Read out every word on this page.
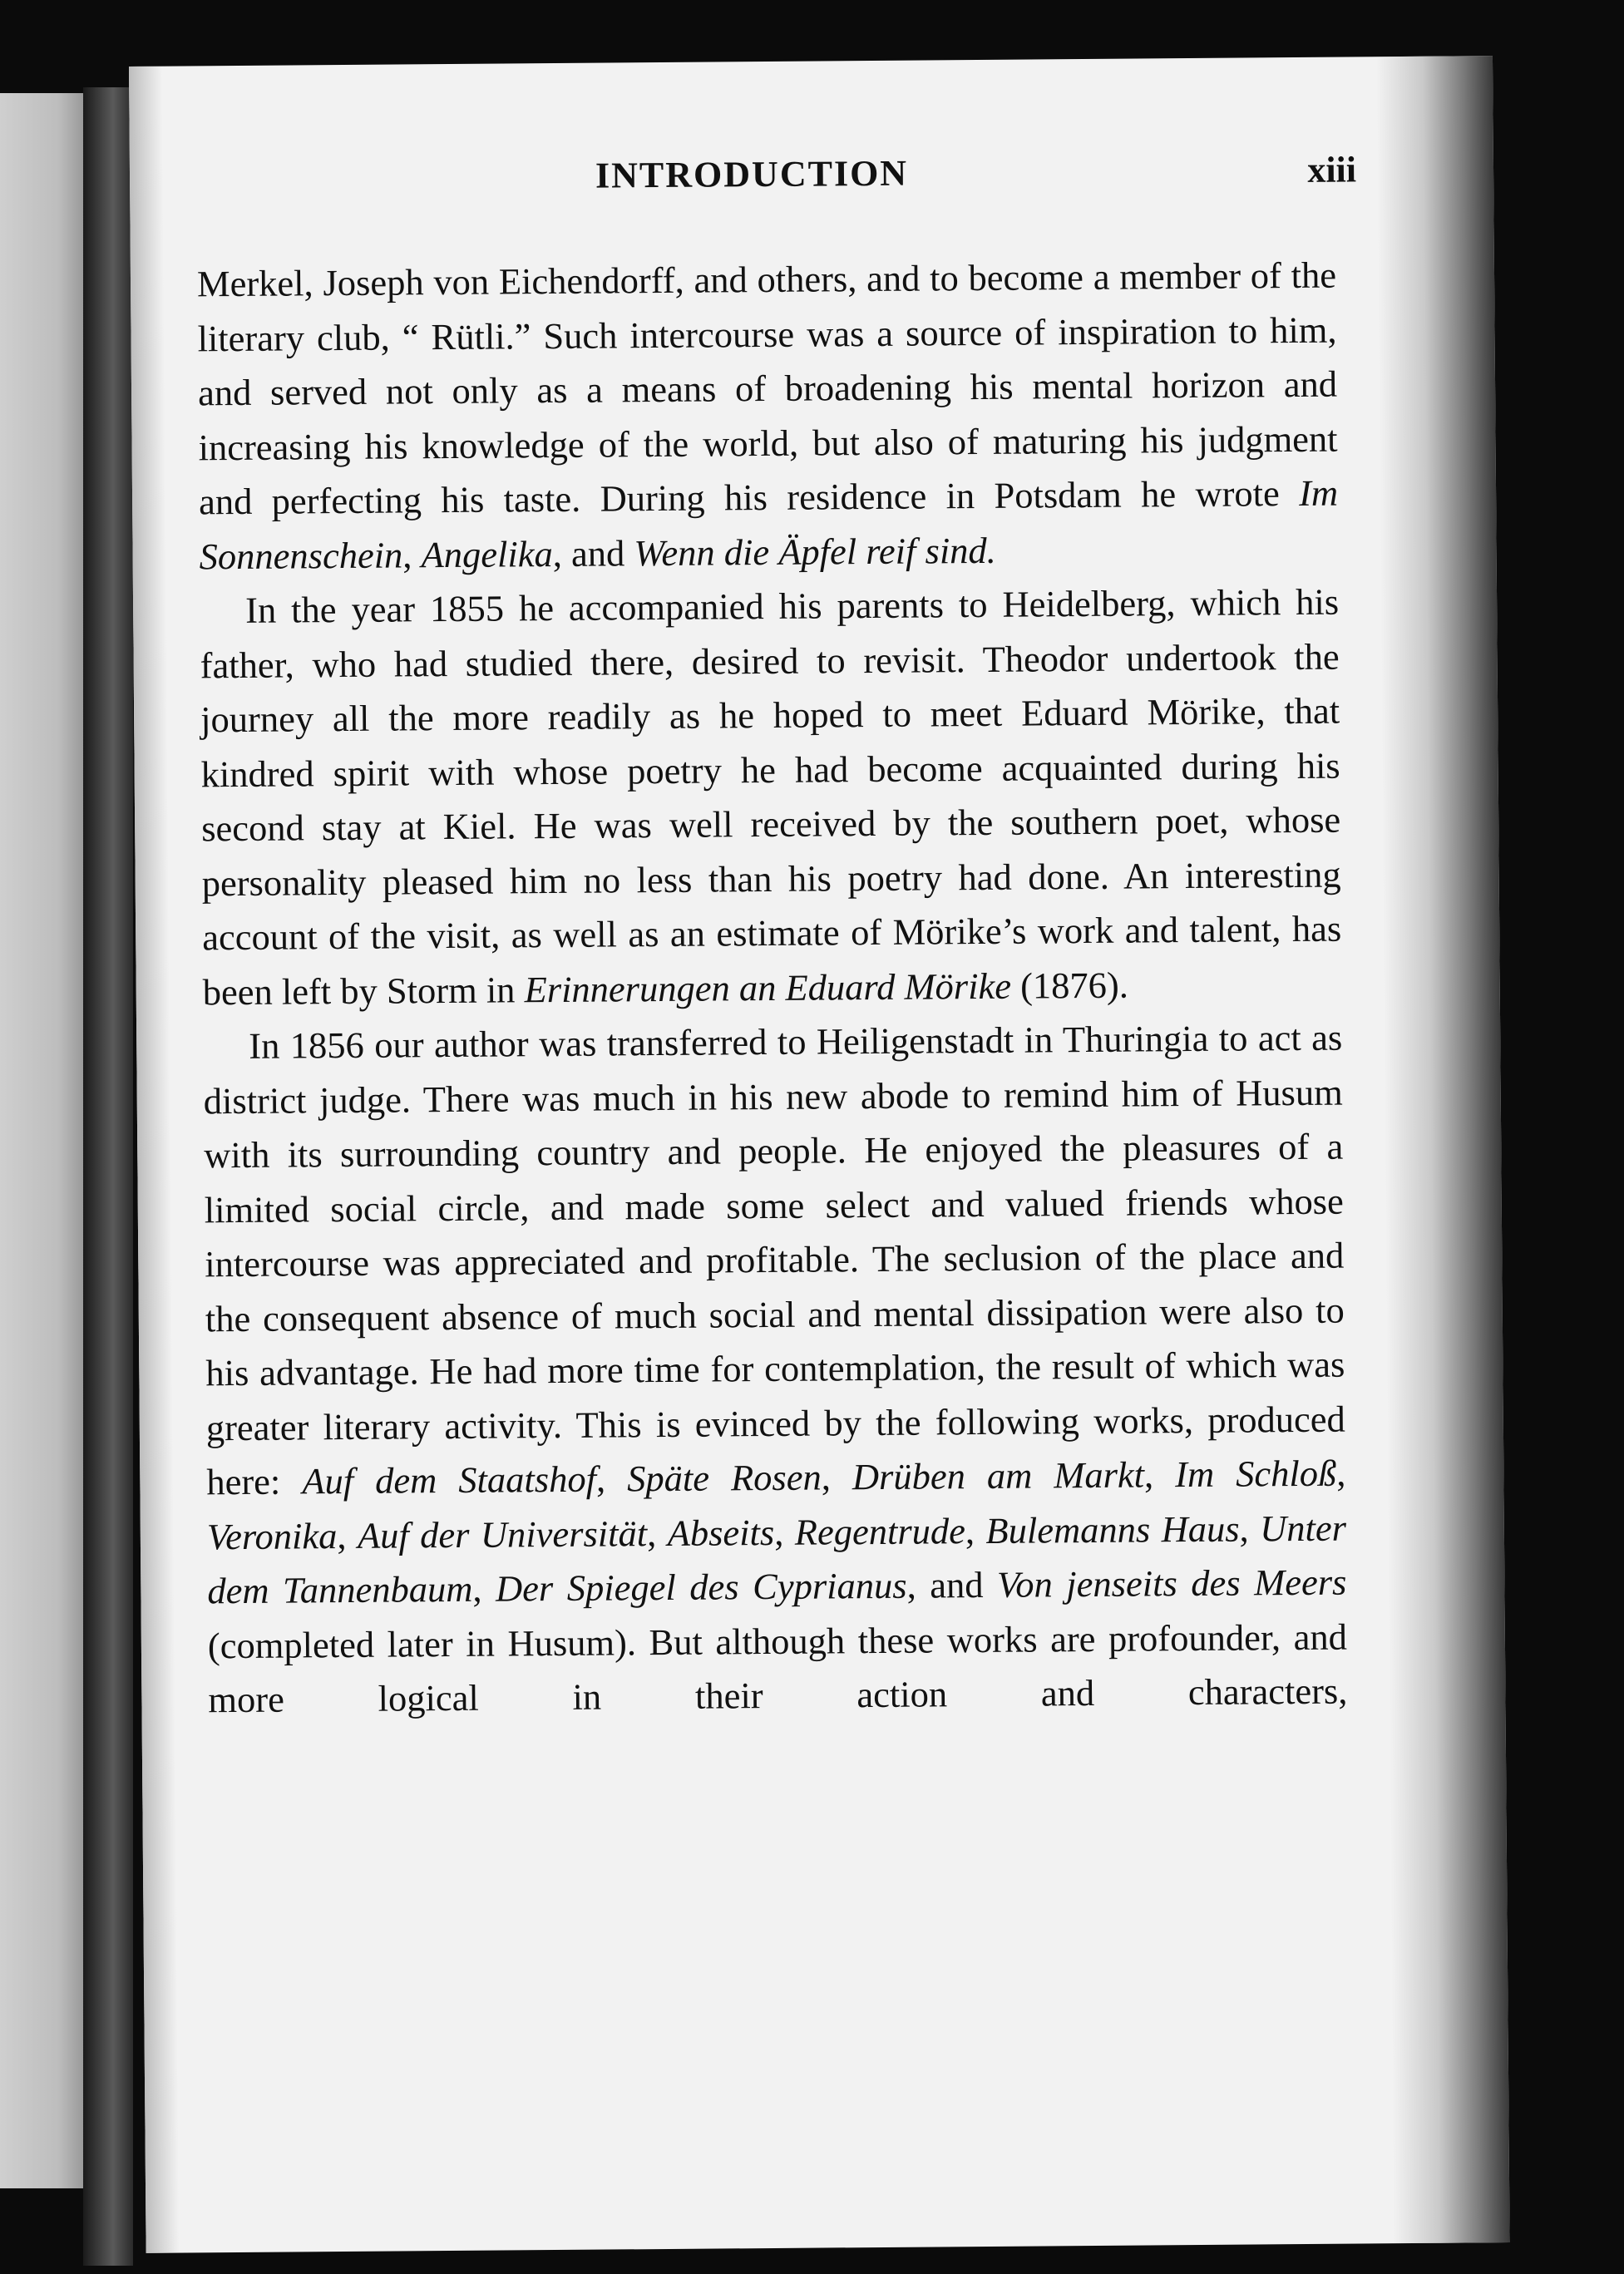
INTRODUCTION	xiii

Merkel, Joseph von Eichendorff, and others, and to become a member of the literary club, “ Rütli.” Such intercourse was a source of inspiration to him, and served not only as a means of broadening his mental horizon and increasing his knowledge of the world, but also of maturing his judgment and perfecting his taste. During his residence in Potsdam he wrote Im Sonnenschein, Angelika, and Wenn die Äpfel reif sind.

In the year 1855 he accompanied his parents to Heidelberg, which his father, who had studied there, desired to revisit. Theodor undertook the journey all the more readily as he hoped to meet Eduard Mörike, that kindred spirit with whose poetry he had become acquainted during his second stay at Kiel. He was well received by the southern poet, whose personality pleased him no less than his poetry had done. An interesting account of the visit, as well as an estimate of Mörike’s work and talent, has been left by Storm in Erinnerungen an Eduard Mörike (1876).

In 1856 our author was transferred to Heiligenstadt in Thuringia to act as district judge. There was much in his new abode to remind him of Husum with its surrounding country and people. He enjoyed the pleasures of a limited social circle, and made some select and valued friends whose intercourse was appreciated and profitable. The seclusion of the place and the consequent absence of much social and mental dissipation were also to his advantage. He had more time for contemplation, the result of which was greater literary activity. This is evinced by the following works, produced here: Auf dem Staatshof, Späte Rosen, Drüben am Markt, Im Schloß, Veronika, Auf der Universität, Abseits, Regentrude, Bulemanns Haus, Unter dem Tannenbaum, Der Spiegel des Cyprianus, and Von jenseits des Meers (completed later in Husum). But although these works are profounder, and more logical in their action and characters,
